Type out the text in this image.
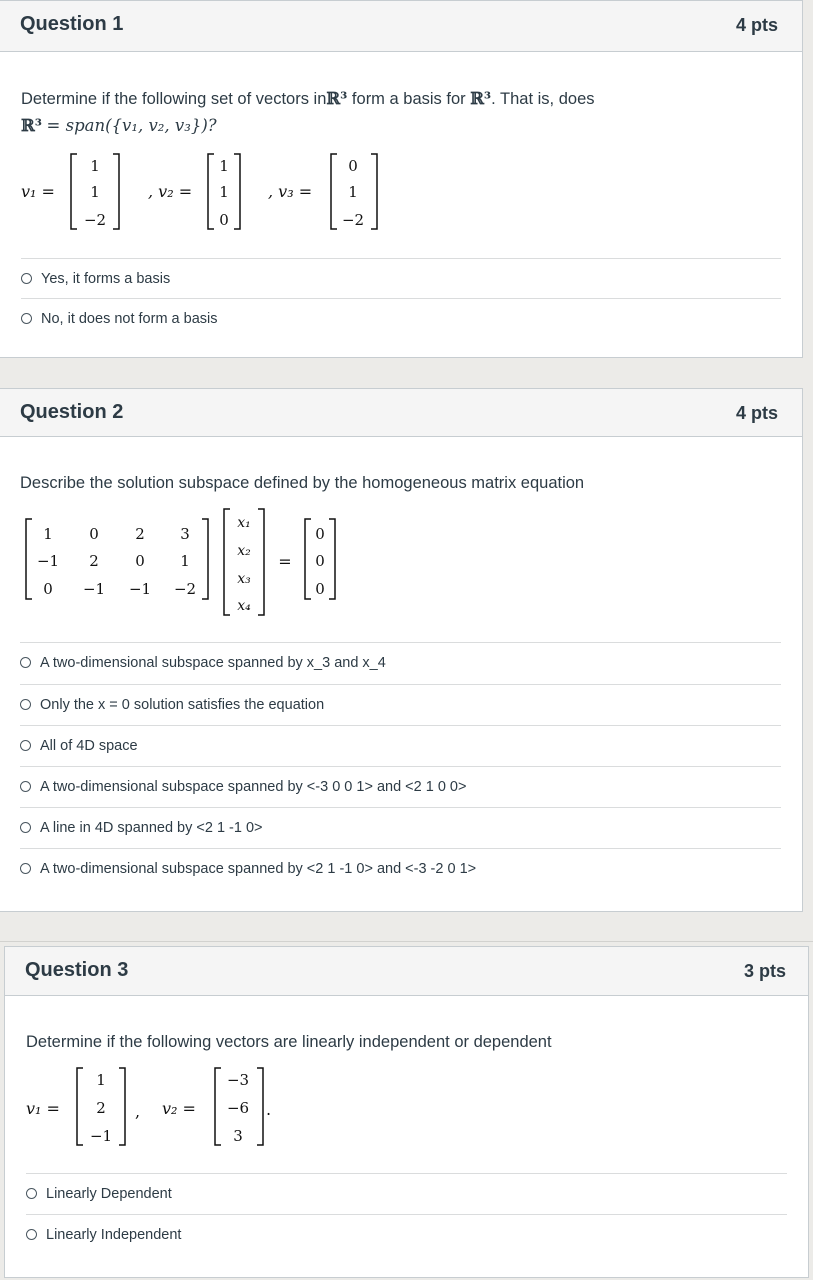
Question 1	4 pts
Determine if the following set of vectors inℝ³ form a basis for ℝ³. That is, does
ℝ³ = span({v₁, v₂, v₃})?
v₁ =
1
1
−2
, v₂ =
1
1
0
, v₃ =
0
1
−2
Yes, it forms a basis
No, it does not form a basis
Question 2	4 pts
Describe the solution subspace defined by the homogeneous matrix equation
1 0 2 3
−1 2 0 1
0 −1 −1 −2
x₁
x₂
x₃
x₄
=
0
0
0
A two-dimensional subspace spanned by x_3 and x_4
Only the x = 0 solution satisfies the equation
All of 4D space
A two-dimensional subspace spanned by <-3 0 0 1> and <2 1 0 0>
A line in 4D spanned by <2 1 -1 0>
A two-dimensional subspace spanned by <2 1 -1 0> and <-3 -2 0 1>
Question 3	3 pts
Determine if the following vectors are linearly independent or dependent
v₁ =
1
2
−1
, v₂ =
−3
−6
3
.
Linearly Dependent
Linearly Independent
